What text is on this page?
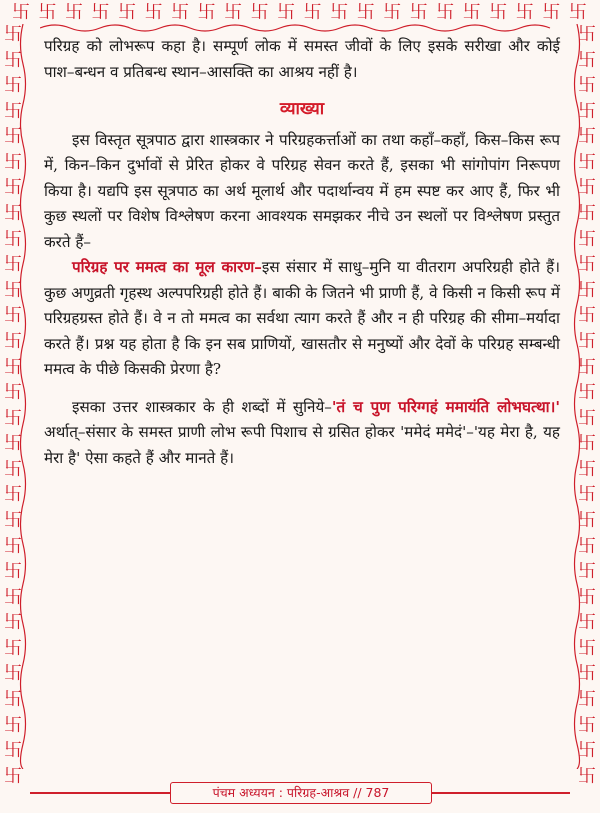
卐 卐 卐 卐 卐 卐 卐 卐 卐 卐 卐 卐 卐 卐 卐 卐 卐 卐 卐 卐 卐 卐
卐
卐
卐
卐
卐
卐
卐
卐
卐
卐
卐
卐
卐
卐
卐
卐
卐
卐
卐
卐
卐
卐
卐
卐
卐
卐
卐
卐
卐
卐
卐
卐
卐
卐
卐
卐
卐
卐
卐
卐
卐
卐
卐
卐
卐
卐
卐
卐
卐
卐
卐
卐
卐
卐
卐
卐
卐
卐
卐
卐

परिग्रह को लोभरूप कहा है। सम्पूर्ण लोक में समस्त जीवों के लिए इसके सरीखा और कोई पाश–बन्धन व प्रतिबन्ध स्थान–आसक्ति का आश्रय नहीं है।

व्याख्या

इस विस्तृत सूत्रपाठ द्वारा शास्त्रकार ने परिग्रहकर्त्ताओं का तथा कहाँ–कहाँ, किस–किस रूप में, किन–किन दुर्भावों से प्रेरित होकर वे परिग्रह सेवन करते हैं, इसका भी सांगोपांग निरूपण किया है। यद्यपि इस सूत्रपाठ का अर्थ मूलार्थ और पदार्थान्वय में हम स्पष्ट कर आए हैं, फिर भी कुछ स्थलों पर विशेष विश्लेषण करना आवश्यक समझकर नीचे उन स्थलों पर विश्लेषण प्रस्तुत करते हैं–

परिग्रह पर ममत्व का मूल कारण–इस संसार में साधु–मुनि या वीतराग अपरिग्रही होते हैं। कुछ अणुव्रती गृहस्थ अल्पपरिग्रही होते हैं। बाकी के जितने भी प्राणी हैं, वे किसी न किसी रूप में परिग्रहग्रस्त होते हैं। वे न तो ममत्व का सर्वथा त्याग करते हैं और न ही परिग्रह की सीमा–मर्यादा करते हैं। प्रश्न यह होता है कि इन सब प्राणियों, खासतौर से मनुष्यों और देवों के परिग्रह सम्बन्धी ममत्व के पीछे किसकी प्रेरणा है?

इसका उत्तर शास्त्रकार के ही शब्दों में सुनिये–'तं च पुण परिग्गहं ममायंति लोभघत्था।' अर्थात्–संसार के समस्त प्राणी लोभ रूपी पिशाच से ग्रसित होकर 'ममेदं ममेदं'–'यह मेरा है, यह मेरा है' ऐसा कहते हैं और मानते हैं।

पंचम अध्ययन : परिग्रह-आश्रव // 787
